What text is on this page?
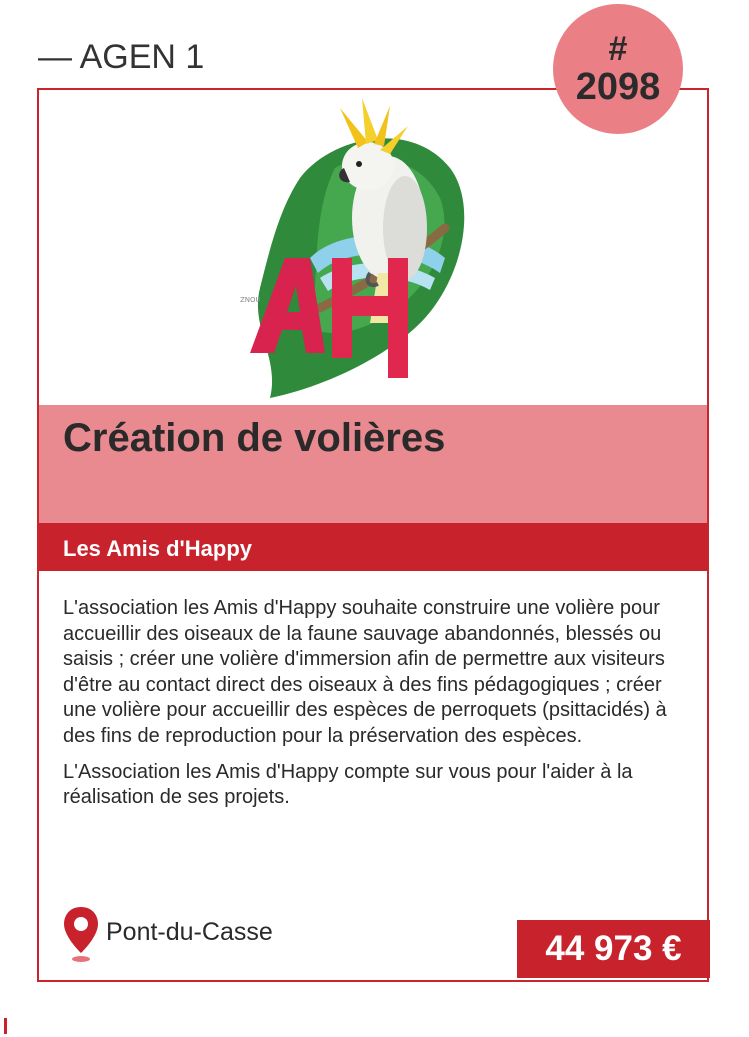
— AGEN 1	#
2098
ZNOU
Création de volières
Les Amis d'Happy

L'association les Amis d'Happy souhaite construire une volière pour accueillir des oiseaux de la faune sauvage abandonnés, blessés ou saisis ; créer une volière d'immersion afin de permettre aux visiteurs d'être au contact direct des oiseaux à des fins pédagogiques ; créer une volière pour accueillir des espèces de perroquets (psittacidés) à des fins de reproduction pour la préservation des espèces.

L'Association les Amis d'Happy compte sur vous pour l'aider à la réalisation de ses projets.

Pont-du-Casse	44 973 €
